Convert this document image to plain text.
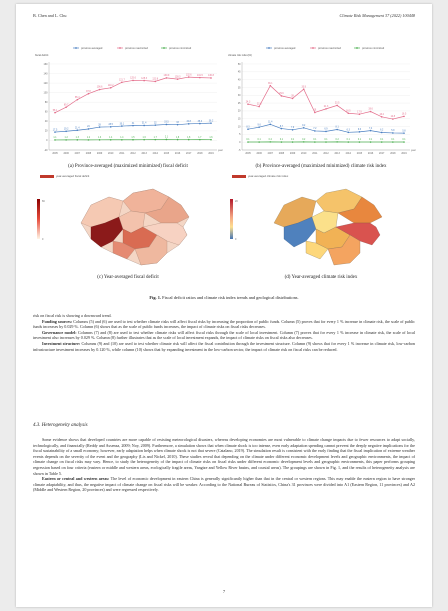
B. Chen and L. Chu	Climate Risk Management 37 (2022) 100448
province averaged	province maximized	province minimized
fiscal deficit
160
140
120
100
80
60
40
20
0
-20
2005 2006 2007 2008 2009 2010 2011 2012 2013 2014 2015 2016 2017 2018 2019
year
17.5	19.2
21.4
24
28	28.5	30.1	31	31.4	32	33.5	33	34.8	35.3	36.2
58.1
69.7
85.4
97.8
106.6
110.2
121.7
125.6	125.3	123.6
130.9
128.3
132.6	131.5	130.8
1.1	1.2	1.3	1.2	1.3	1.4	1.4	1.5	1.6	1.7	2.1	1.8	1.8	1.7	1.6
(a) Province-averaged (maximized minimized) fiscal deficit
province averaged	province maximized	province minimized
climate risk index(%)
50
45
40
35
30
25
20
15
10
5
0
-5
2005 2006 2007 2008 2009 2010 2011 2012 2013 2014 2015 2016 2017 2018 2019
year
8.3
9.6
11.4
8.7
7.9
9.2
7.2	6.9
8.1
6.3	6.6
7.4
6.2	5.9	5.8
24.3
22.8
36.1
29.6
28
33.9
19
21.3
23.5
18.5	17.9
19.6
16.2
14.8
16.5
0.1	0.1	0.2	0.1	0.1	0.2	0.1	0.1	0.2	0.1	0.1	0.1	0.1	0.1	0.1
(b) Province-averaged (maximized minimized) climate risk index
year-averaged fiscal deficit
66
0
(c) Year-averaged fiscal deficit
year-averaged climate risk index
20
0
(d) Year-averaged climate risk index
Fig. 1. Fiscal deficit ratios and climate risk index trends and geological distributions.

risk on fiscal risk is showing a downward trend.

Funding sources: Columns (5) and (6) are used to test whether climate risks will affect fiscal risks by increasing the proportion of public funds. Column (5) proves that for every 1 % increase in climate risk, the scale of public funds increases by 0.029 %. Column (6) shows that as the scale of public funds increases, the impact of climate risks on fiscal risks decreases.

Governance model: Columns (7) and (8) are used to test whether climate risks will affect fiscal risks through the scale of local investment. Column (7) proves that for every 1 % increase in climate risk, the scale of local investment also increases by 0.029 %. Column (8) further illustrates that as the scale of local investment expands, the impact of climate risks on fiscal risks also decreases.

Investment structure: Columns (9) and (10) are used to test whether climate risk will affect the fiscal contribution through the investment structure. Column (9) shows that for every 1 % increase in climate risk, low-carbon infrastructure investment increases by 0.120 %, while column (10) shows that by expanding investment in the low-carbon sector, the impact of climate risk on fiscal risks can be reduced.

4.3. Heterogeneity analysis

Some evidence shows that developed countries are more capable of resisting meteorological disasters, whereas developing economies are most vulnerable to climate change impacts due to fewer resources to adapt socially, technologically, and financially (Reddy and Assenza, 2009; Noy, 2009). Furthermore, a simulation shows that when climate shock is too intense, even early adaptation spending cannot prevent the deeply negative implications for the fiscal sustainability of a small economy; however, early adaptation helps when climate shock is not that severe (Catalano, 2019). The simulation result is consistent with the early finding that the fiscal implication of extreme weather events depends on the severity of the event and the geography (Lis and Nickel, 2010). These studies reveal that depending on the climate under different economic development levels and geographic environments, the impact of climate change on fiscal risks may vary. Hence, to study the heterogeneity of the impact of climate risks on fiscal risks under different economic development levels and geographic environments, this paper performs grouping regression based on four criteria (eastern or middle and western areas, ecologically fragile areas, Yangtze and Yellow River basins, and coastal areas). The groupings are shown in Fig. 1, and the results of heterogeneity analysis are shown in Table 5.

Eastern or central and western areas: The level of economic development in eastern China is generally significantly higher than that in the central or western regions. This may enable the eastern region to have stronger climate adaptability, and thus, the negative impact of climate change on fiscal risks will be weaker. According to the National Bureau of Statistics, China's 31 provinces were divided into A1 (Eastern Region, 11 provinces) and A2 (Middle and Western Region, 20 provinces) and were regressed respectively.

7
